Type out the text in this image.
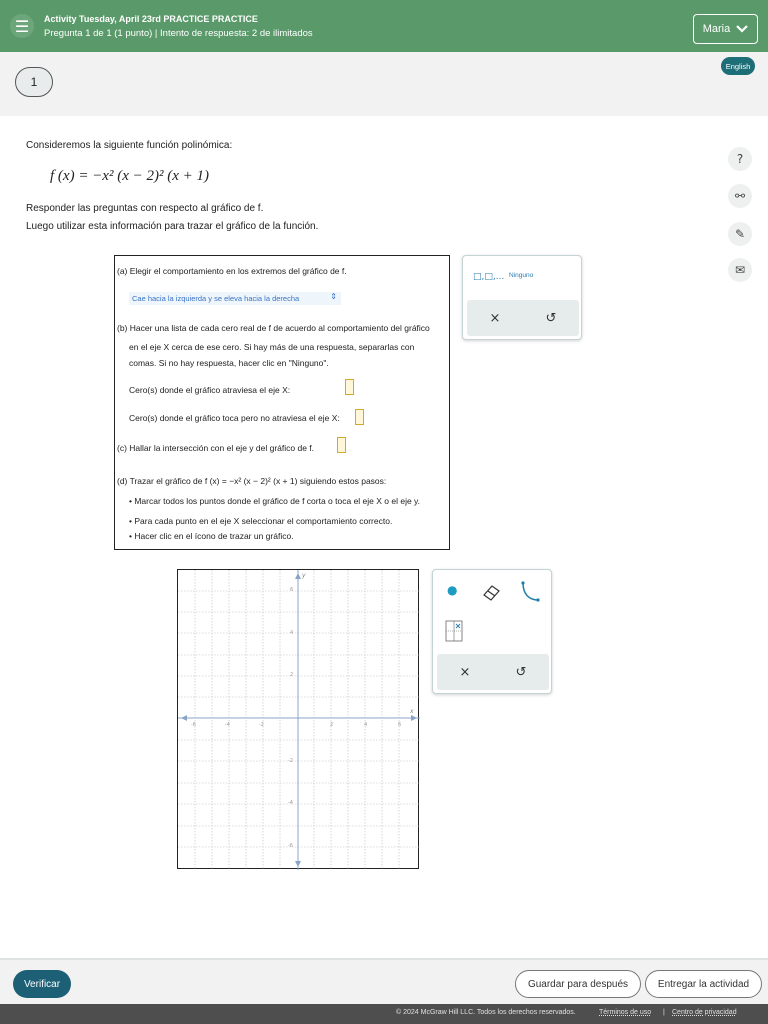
☰	Activity Tuesday, April 23rd PRACTICE PRACTICE
Pregunta 1 de 1 (1 punto) | Intento de respuesta: 2 de ilimitados	Maria
1
English
Consideremos la siguiente función polinómica:
f (x) = −x² (x − 2)² (x + 1)
Responder las preguntas con respecto al gráfico de f.
Luego utilizar esta información para trazar el gráfico de la función.
?
⚯
✎
✉
(a) Elegir el comportamiento en los extremos del gráfico de f.
Cae hacia la izquierda y se eleva hacia la derecha	⇕
(b) Hacer una lista de cada cero real de f de acuerdo al comportamiento del gráfico
en el eje X cerca de ese cero. Si hay más de una respuesta, separarlas con
comas. Si no hay respuesta, hacer clic en "Ninguno".
Cero(s) donde el gráfico atraviesa el eje X:
Cero(s) donde el gráfico toca pero no atraviesa el eje X:
(c) Hallar la intersección con el eje y del gráfico de f.
(d) Trazar el gráfico de f (x) = −x² (x − 2)² (x + 1) siguiendo estos pasos:
• Marcar todos los puntos donde el gráfico de f corta o toca el eje X o el eje y.
• Para cada punto en el eje X seleccionar el comportamiento correcto.
• Hacer clic en el ícono de trazar un gráfico.
□,□,... Ninguno
×	↺
x
y
-6	-4	-2	2	4	6
6
4
2
-2
-4
-6
●
×	↺
Verificar	Guardar para después	Entregar la actividad
© 2024 McGraw Hill LLC. Todos los derechos reservados.	Términos de uso | Centro de privacidad
